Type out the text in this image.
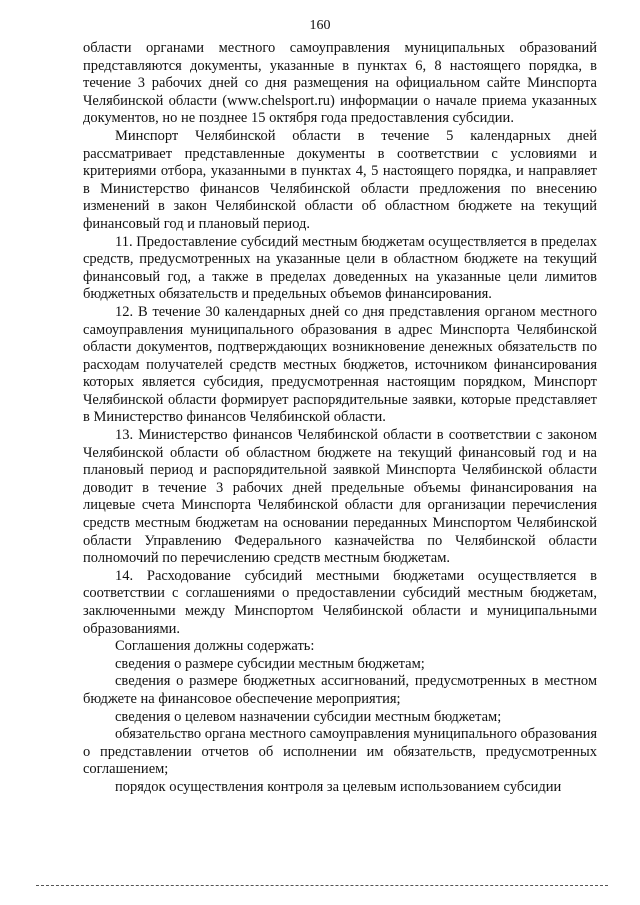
160

области органами местного самоуправления муниципальных образований представляются документы, указанные в пунктах 6, 8 настоящего порядка, в течение 3 рабочих дней со дня размещения на официальном сайте Минспорта Челябинской области (www.chelsport.ru) информации о начале приема указанных документов, но не позднее 15 октября года предоставления субсидии.

Минспорт Челябинской области в течение 5 календарных дней рассматривает представленные документы в соответствии с условиями и критериями отбора, указанными в пунктах 4, 5 настоящего порядка, и направляет в Министерство финансов Челябинской области предложения по внесению изменений в закон Челябинской области об областном бюджете на текущий финансовый год и плановый период.

11. Предоставление субсидий местным бюджетам осуществляется в пределах средств, предусмотренных на указанные цели в областном бюджете на текущий финансовый год, а также в пределах доведенных на указанные цели лимитов бюджетных обязательств и предельных объемов финансирования.

12. В течение 30 календарных дней со дня представления органом местного самоуправления муниципального образования в адрес Минспорта Челябинской области документов, подтверждающих возникновение денежных обязательств по расходам получателей средств местных бюджетов, источником финансирования которых является субсидия, предусмотренная настоящим порядком, Минспорт Челябинской области формирует распорядительные заявки, которые представляет в Министерство финансов Челябинской области.

13. Министерство финансов Челябинской области в соответствии с законом Челябинской области об областном бюджете на текущий финансовый год и на плановый период и распорядительной заявкой Минспорта Челябинской области доводит в течение 3 рабочих дней предельные объемы финансирования на лицевые счета Минспорта Челябинской области для организации перечисления средств местным бюджетам на основании переданных Минспортом Челябинской области Управлению Федерального казначейства по Челябинской области полномочий по перечислению средств местным бюджетам.

14. Расходование субсидий местными бюджетами осуществляется в соответствии с соглашениями о предоставлении субсидий местным бюджетам, заключенными между Минспортом Челябинской области и муниципальными образованиями.

Соглашения должны содержать:

сведения о размере субсидии местным бюджетам;

сведения о размере бюджетных ассигнований, предусмотренных в местном бюджете на финансовое обеспечение мероприятия;

сведения о целевом назначении субсидии местным бюджетам;

обязательство органа местного самоуправления муниципального образования о представлении отчетов об исполнении им обязательств, предусмотренных соглашением;

порядок осуществления контроля за целевым использованием субсидии
